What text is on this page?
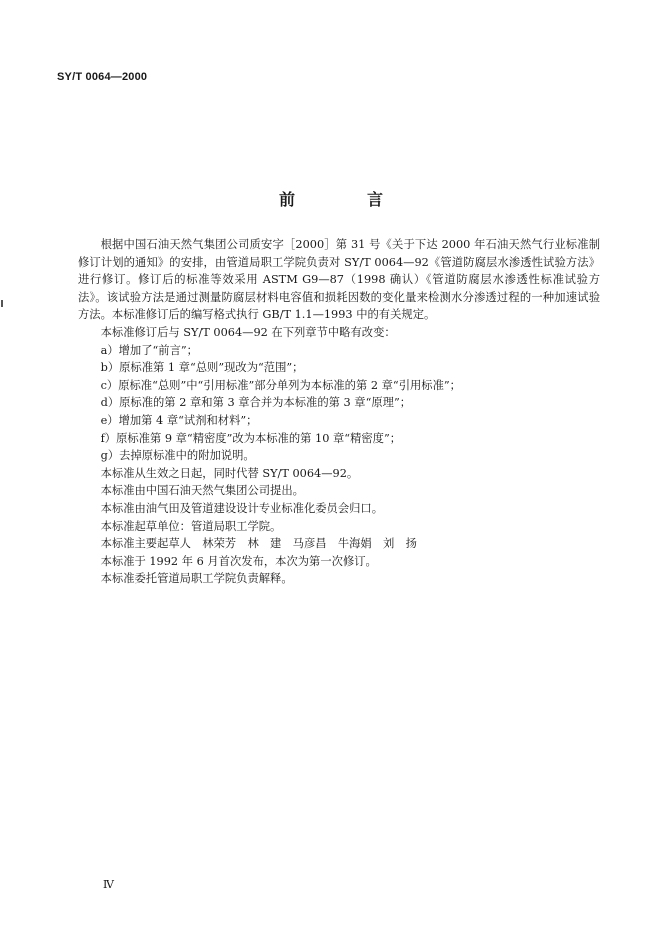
SY/T 0064—2000
前　言

根据中国石油天然气集团公司质安字［2000］第 31 号《关于下达 2000 年石油天然气行业标准制修订计划的通知》的安排，由管道局职工学院负责对 SY/T 0064—92《管道防腐层水渗透性试验方法》进行修订。修订后的标准等效采用 ASTM G9—87（1998 确认）《管道防腐层水渗透性标准试验方法》。该试验方法是通过测量防腐层材料电容值和损耗因数的变化量来检测水分渗透过程的一种加速试验方法。本标准修订后的编写格式执行 GB/T 1.1—1993 中的有关规定。

本标准修订后与 SY/T 0064—92 在下列章节中略有改变：

a）增加了“前言”；

b）原标准第 1 章“总则”现改为“范围”；

c）原标准“总则”中“引用标准”部分单列为本标准的第 2 章“引用标准”；

d）原标准的第 2 章和第 3 章合并为本标准的第 3 章“原理”；

e）增加第 4 章“试剂和材料”；

f）原标准第 9 章“精密度”改为本标准的第 10 章“精密度”；

g）去掉原标准中的附加说明。

本标准从生效之日起，同时代替 SY/T 0064—92。

本标准由中国石油天然气集团公司提出。

本标准由油气田及管道建设设计专业标准化委员会归口。

本标准起草单位：管道局职工学院。

本标准主要起草人　林荣芳　林　建　马彦昌　牛海娟　刘　扬

本标准于 1992 年 6 月首次发布，本次为第一次修订。

本标准委托管道局职工学院负责解释。

Ⅳ
